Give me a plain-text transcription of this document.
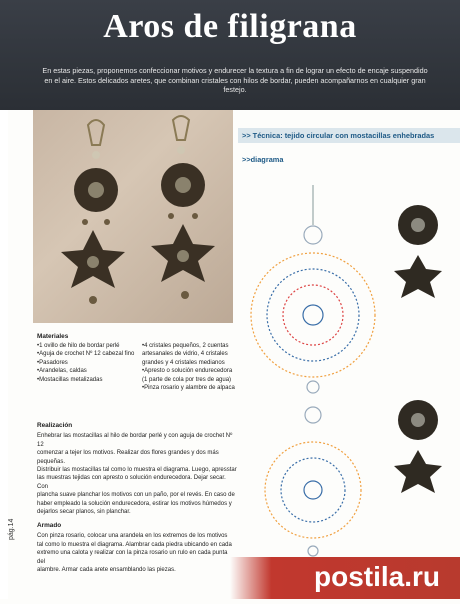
Aros de filigrana
En estas piezas, proponemos confeccionar motivos y endurecer la textura a fin de lograr un efecto de encaje suspendido en el aire. Estos delicados aretes, que combinan cristales con hilos de bordar, pueden acompañarnos en cualquier gran festejo.
pág.14
>> Técnica: tejido circular con mostacillas enhebradas
>>diagrama
Materiales
•1 ovillo de hilo de bordar perlé
•Aguja de crochet Nº 12 cabezal fino
•Pasadores
•Arandelas, caldas
•Mostacillas metalizadas
•4 cristales pequeños, 2 cuentas
artesanales de vidrio, 4 cristales
grandes y 4 cristales medianos
•Apresto o solución endurecedora
(1 parte de cola por tres de agua)
•Pinza rosario y alambre de alpaca
Realización
Enhebrar las mostacillas al hilo de bordar perlé y con aguja de crochet Nº 12
comenzar a tejer los motivos. Realizar dos flores grandes y dos más pequeñas.
Distribuir las mostacillas tal como lo muestra el diagrama. Luego, apresstar
las muestras tejidas con apresto o solución endurecedora. Dejar secar. Con
plancha suave planchar los motivos con un paño, por el revés. En caso de
haber empleado la solución endurecedora, estirar los motivos húmedos y
dejarlos secar planos, sin planchar.
Armado
Con pinza rosario, colocar una arandela en los extremos de los motivos
tal como lo muestra el diagrama. Alambrar cada piedra ubicando en cada
extremo una calota y realizar con la pinza rosario un rulo en cada punta del
alambre. Armar cada arete ensamblando las piezas.	postila.ru
